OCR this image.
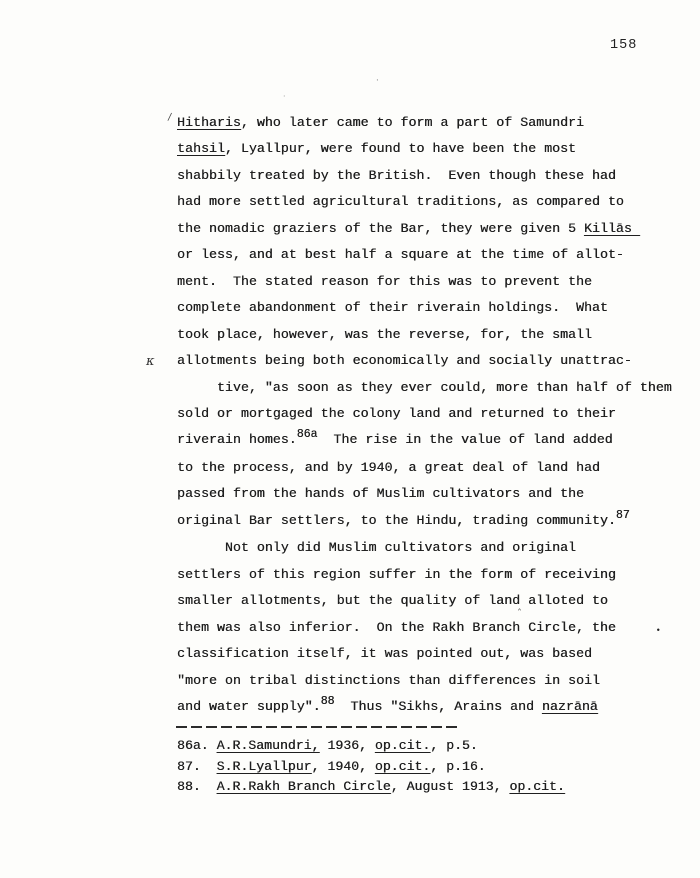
158
Hitharis, who later came to form a part of Samundri
tahsil, Lyallpur, were found to have been the most
shabbily treated by the British.  Even though these had
had more settled agricultural traditions, as compared to
the nomadic graziers of the Bar, they were given 5 Killās
or less, and at best half a square at the time of allot-
ment.  The stated reason for this was to prevent the
complete abandonment of their riverain holdings.  What
took place, however, was the reverse, for, the small
allotments being both economically and socially unattrac-
tive, "as soon as they ever could, more than half of them
sold or mortgaged the colony land and returned to their
riverain homes.86a  The rise in the value of land added
to the process, and by 1940, a great deal of land had
passed from the hands of Muslim cultivators and the
original Bar settlers, to the Hindu, trading community.87
Not only did Muslim cultivators and original
settlers of this region suffer in the form of receiving
smaller allotments, but the quality of land alloted to
them was also inferior.  On the Rakh Branch Circle, the
classification itself, it was pointed out, was based
"more on tribal distinctions than differences in soil
and water supply".88  Thus "Sikhs, Arains and nazrānā
86a. A.R.Samundri, 1936, op.cit., p.5.
87.  S.R.Lyallpur, 1940, op.cit., p.16.
88.  A.R.Rakh Branch Circle, August 1913, op.cit.
∕
κ
ˆ
.
·
·
